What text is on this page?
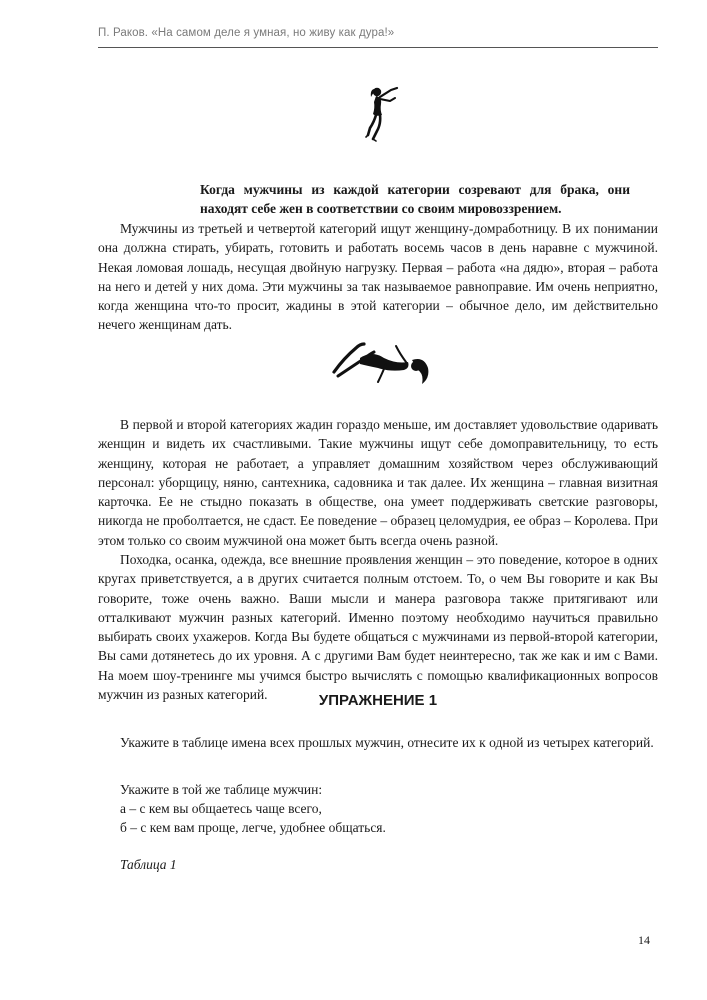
П. Раков. «На самом деле я умная, но живу как дура!»
Когда мужчины из каждой категории созревают для брака, они находят себе жен в соответствии со своим мировоззрением.

Мужчины из третьей и четвертой категорий ищут женщину-домработницу. В их понимании она должна стирать, убирать, готовить и работать восемь часов в день наравне с мужчиной. Некая ломовая лошадь, несущая двойную нагрузку. Первая – работа «на дядю», вторая – работа на него и детей у них дома. Эти мужчины за так называемое равноправие. Им очень неприятно, когда женщина что-то просит, жадины в этой категории – обычное дело, им действительно нечего женщинам дать.

В первой и второй категориях жадин гораздо меньше, им доставляет удовольствие одаривать женщин и видеть их счастливыми. Такие мужчины ищут себе домоправительницу, то есть женщину, которая не работает, а управляет домашним хозяйством через обслуживающий персонал: уборщицу, няню, сантехника, садовника и так далее. Их женщина – главная визитная карточка. Ее не стыдно показать в обществе, она умеет поддерживать светские разговоры, никогда не проболтается, не сдаст. Ее поведение – образец целомудрия, ее образ – Королева. При этом только со своим мужчиной она может быть всегда очень разной.

Походка, осанка, одежда, все внешние проявления женщин – это поведение, которое в одних кругах приветствуется, а в других считается полным отстоем. То, о чем Вы говорите и как Вы говорите, тоже очень важно. Ваши мысли и манера разговора также притягивают или отталкивают мужчин разных категорий. Именно поэтому необходимо научиться правильно выбирать своих ухажеров. Когда Вы будете общаться с мужчинами из первой-второй категории, Вы сами дотянетесь до их уровня. А с другими Вам будет неинтересно, так же как и им с Вами. На моем шоу-тренинге мы учимся быстро вычислять с помощью квалификационных вопросов мужчин из разных категорий.	УПРАЖНЕНИЕ 1

Укажите в таблице имена всех прошлых мужчин, отнесите их к одной из четырех категорий.

Укажите в той же таблице мужчин:

а – с кем вы общаетесь чаще всего,

б – с кем вам проще, легче, удобнее общаться.

Таблица 1
14
